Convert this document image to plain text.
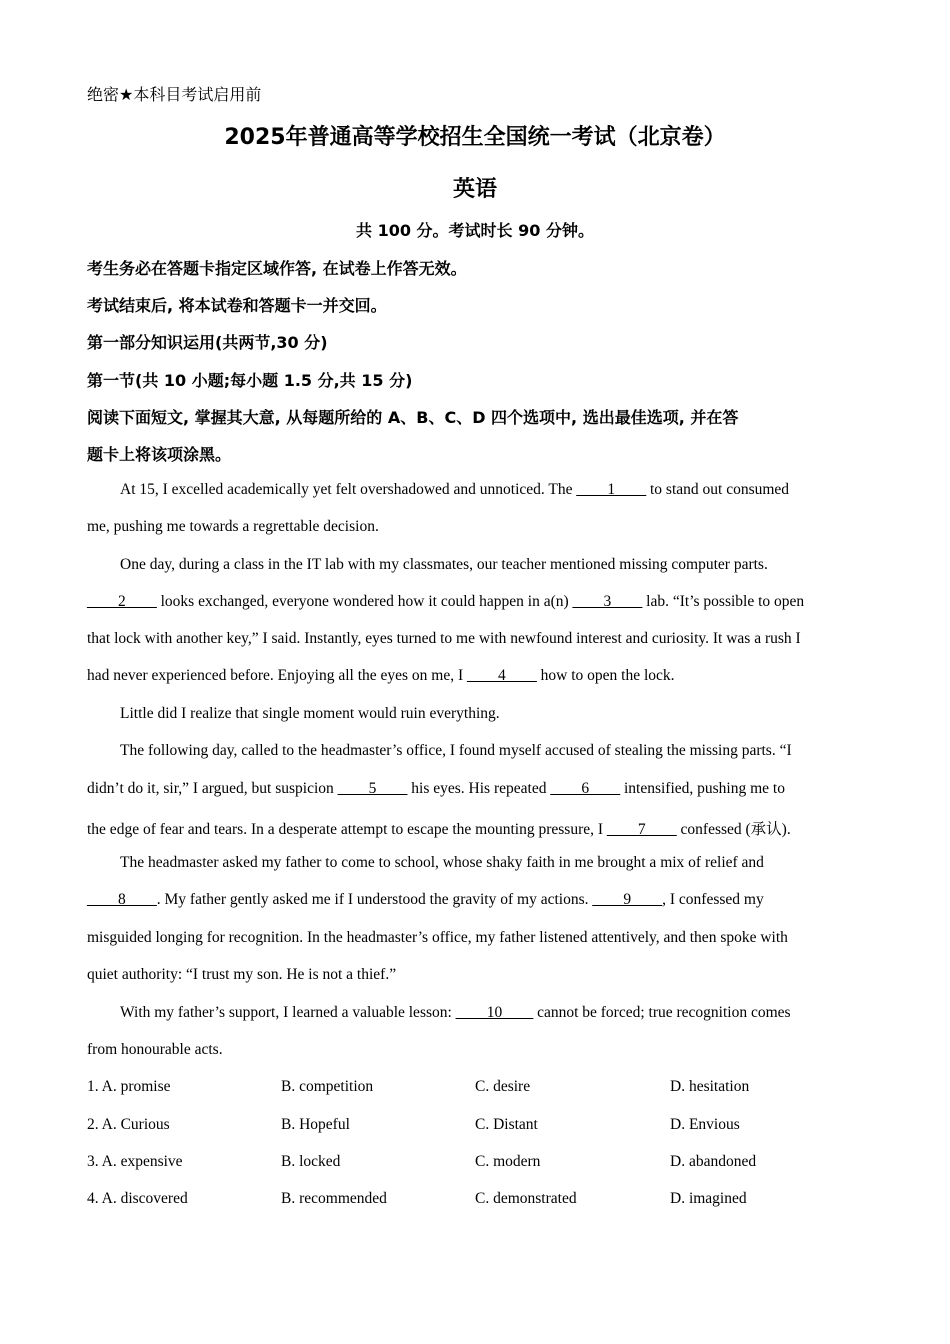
绝密★本科目考试启用前
2025年普通高等学校招生全国统一考试（北京卷）
英语
共 100 分。考试时长 90 分钟。
考生务必在答题卡指定区域作答, 在试卷上作答无效。
考试结束后, 将本试卷和答题卡一并交回。
第一部分知识运用(共两节,30 分)
第一节(共 10 小题;每小题 1.5 分,共 15 分)
阅读下面短文, 掌握其大意, 从每题所给的 A、B、C、D 四个选项中, 选出最佳选项, 并在答
题卡上将该项涂黑。
At 15, I excelled academically yet felt overshadowed and unnoticed. The ____1____ to stand out consumed
me, pushing me towards a regrettable decision.
One day, during a class in the IT lab with my classmates, our teacher mentioned missing computer parts.
____2____ looks exchanged, everyone wondered how it could happen in a(n) ____3____ lab. “It’s possible to open
that lock with another key,” I said. Instantly, eyes turned to me with newfound interest and curiosity. It was a rush I
had never experienced before. Enjoying all the eyes on me, I ____4____ how to open the lock.
Little did I realize that single moment would ruin everything.
The following day, called to the headmaster’s office, I found myself accused of stealing the missing parts. “I
didn’t do it, sir,” I argued, but suspicion ____5____ his eyes. His repeated ____6____ intensified, pushing me to
the edge of fear and tears. In a desperate attempt to escape the mounting pressure, I ____7____ confessed (承认).
The headmaster asked my father to come to school, whose shaky faith in me brought a mix of relief and
____8____. My father gently asked me if I understood the gravity of my actions. ____9____, I confessed my
misguided longing for recognition. In the headmaster’s office, my father listened attentively, and then spoke with
quiet authority: “I trust my son. He is not a thief.”
With my father’s support, I learned a valuable lesson: ____10____ cannot be forced; true recognition comes
from honourable acts.
1. A. promise	B. competition	C. desire	D. hesitation
2. A. Curious	B. Hopeful	C. Distant	D. Envious
3. A. expensive	B. locked	C. modern	D. abandoned
4. A. discovered	B. recommended	C. demonstrated	D. imagined
